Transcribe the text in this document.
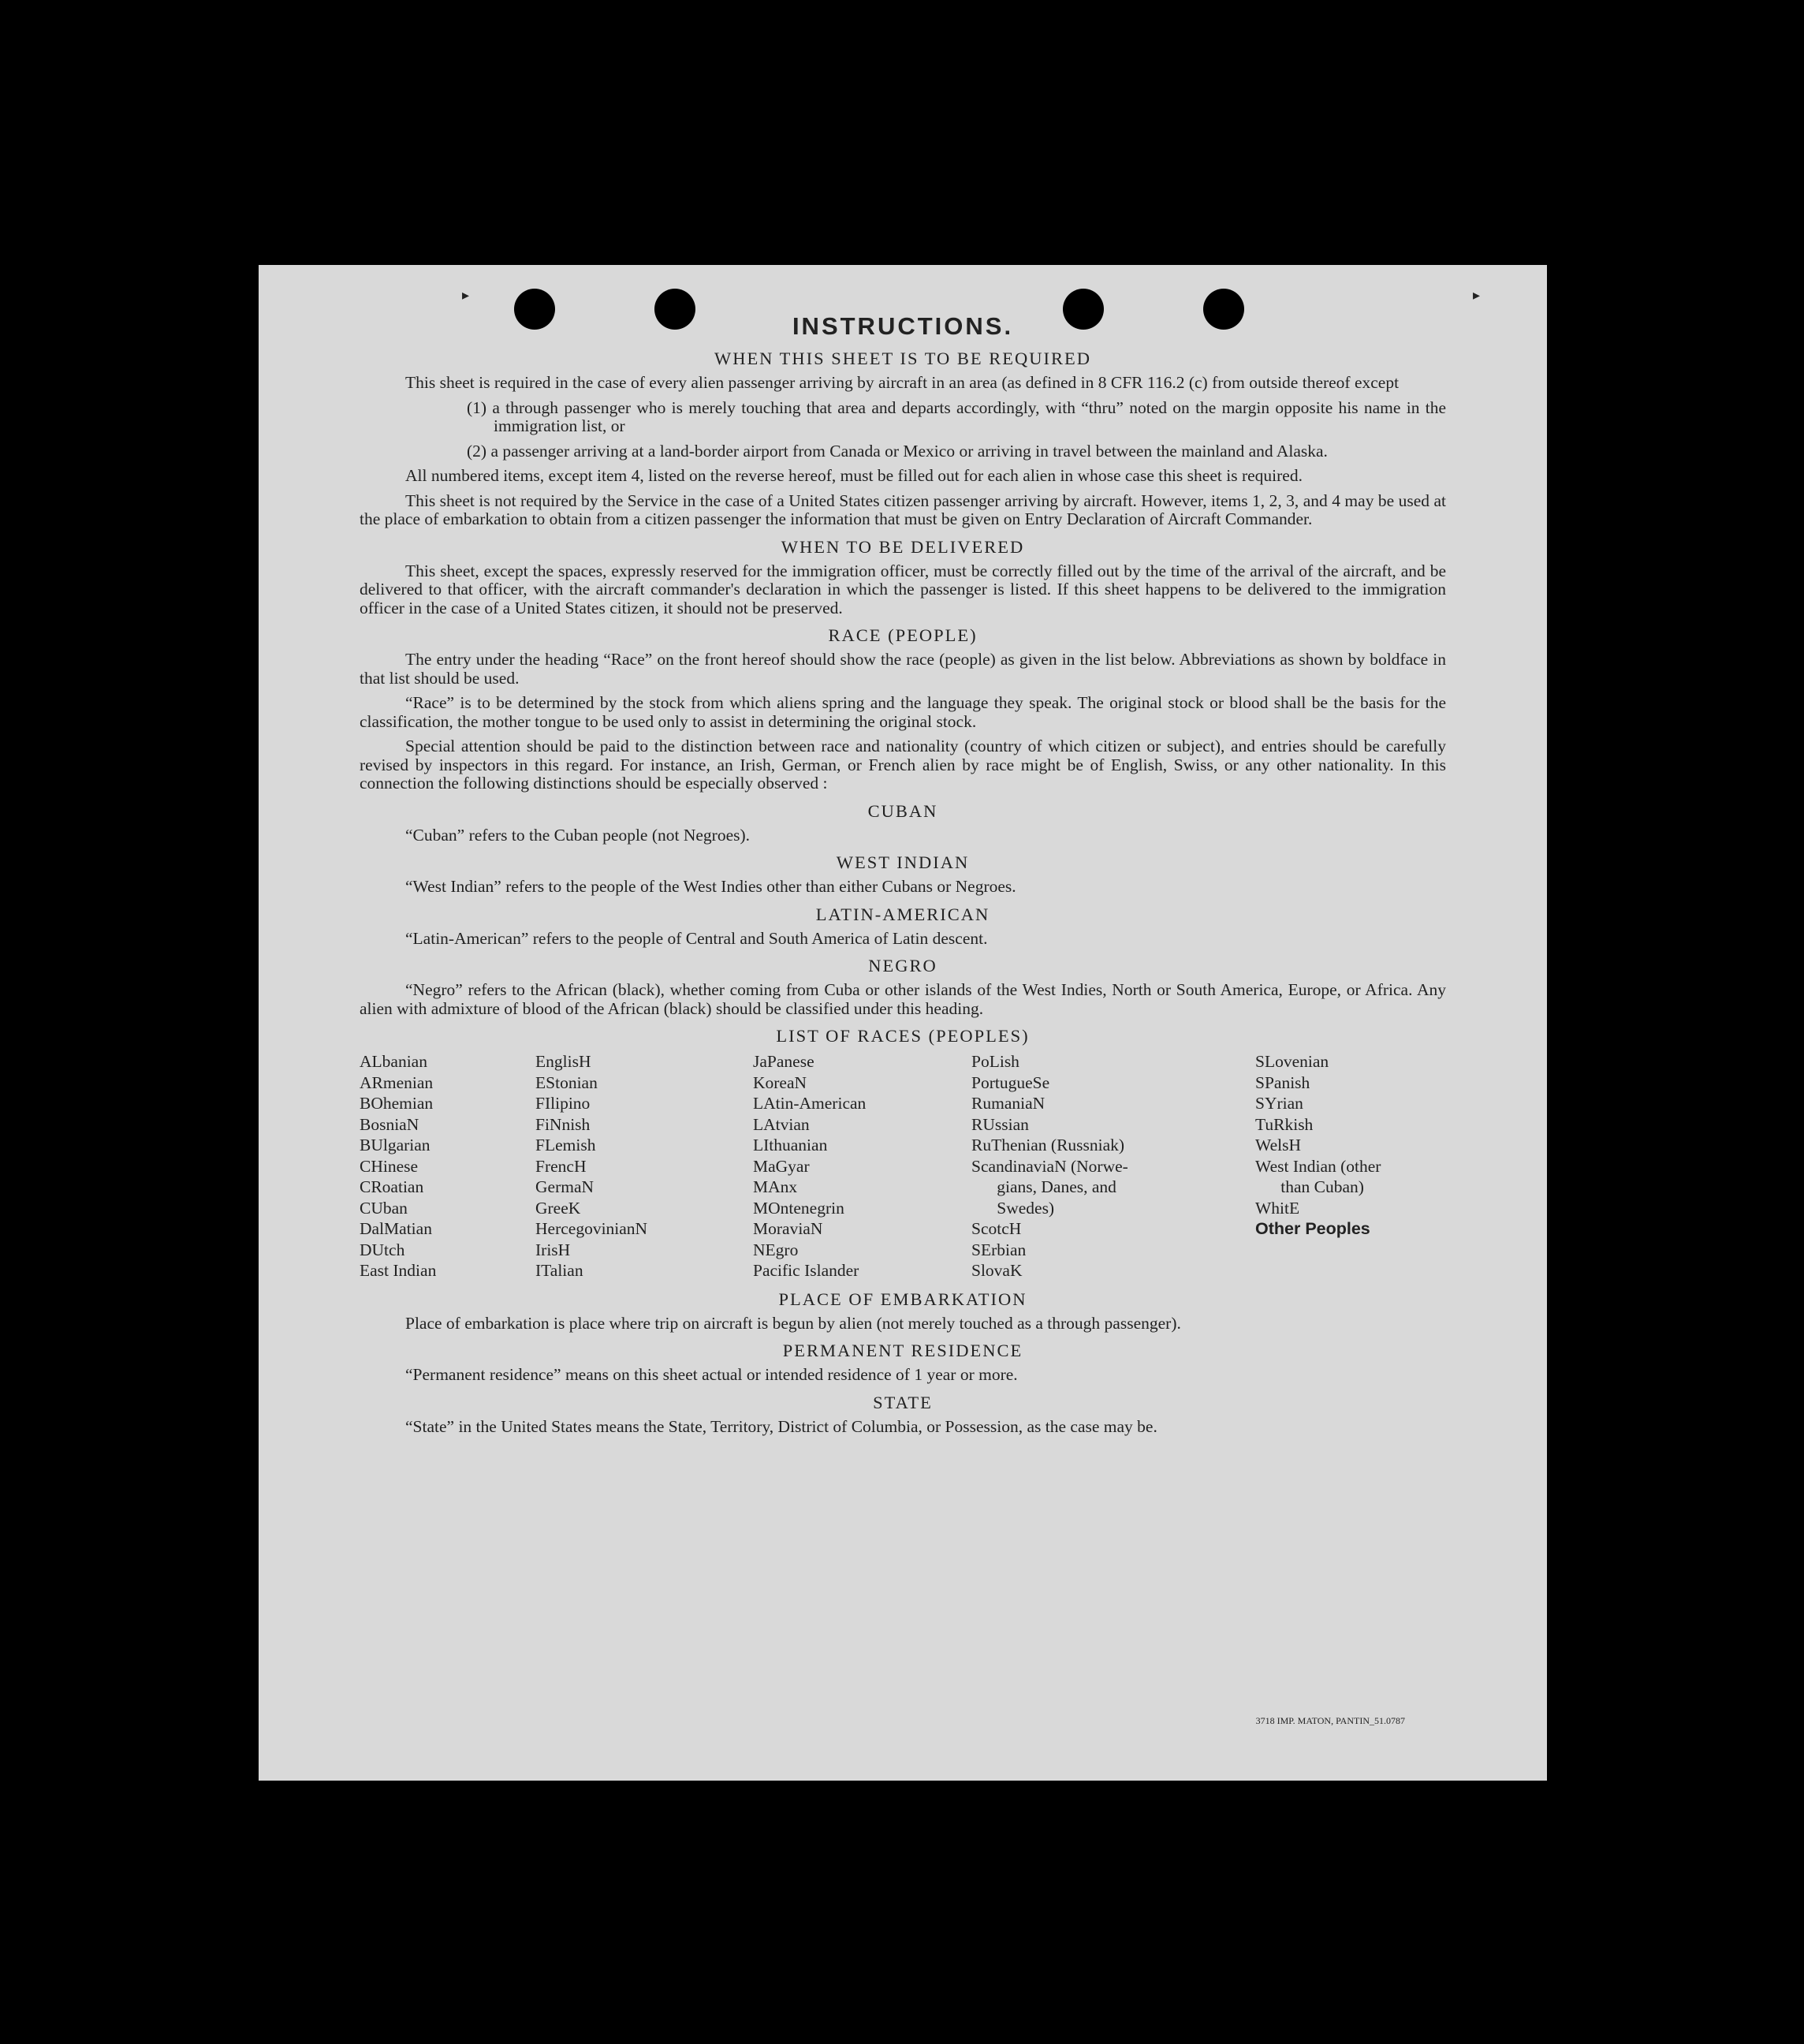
▸	▸
INSTRUCTIONS.
WHEN THIS SHEET IS TO BE REQUIRED

This sheet is required in the case of every alien passenger arriving by aircraft in an area (as defined in 8 CFR 116.2 (c) from outside thereof except

(1) a through passenger who is merely touching that area and departs accordingly, with “thru” noted on the margin opposite his name in the immigration list, or

(2) a passenger arriving at a land-border airport from Canada or Mexico or arriving in travel between the mainland and Alaska.

All numbered items, except item 4, listed on the reverse hereof, must be filled out for each alien in whose case this sheet is required.

This sheet is not required by the Service in the case of a United States citizen passenger arriving by aircraft. However, items 1, 2, 3, and 4 may be used at the place of embarkation to obtain from a citizen passenger the information that must be given on Entry Declaration of Aircraft Commander.

WHEN TO BE DELIVERED

This sheet, except the spaces, expressly reserved for the immigration officer, must be correctly filled out by the time of the arrival of the aircraft, and be delivered to that officer, with the aircraft commander's declaration in which the passenger is listed. If this sheet happens to be delivered to the immigration officer in the case of a United States citizen, it should not be preserved.

RACE (PEOPLE)

The entry under the heading “Race” on the front hereof should show the race (people) as given in the list below. Abbreviations as shown by boldface in that list should be used.

“Race” is to be determined by the stock from which aliens spring and the language they speak. The original stock or blood shall be the basis for the classification, the mother tongue to be used only to assist in determining the original stock.

Special attention should be paid to the distinction between race and nationality (country of which citizen or subject), and entries should be carefully revised by inspectors in this regard. For instance, an Irish, German, or French alien by race might be of English, Swiss, or any other nationality. In this connection the following distinctions should be especially observed :

CUBAN

“Cuban” refers to the Cuban people (not Negroes).

WEST INDIAN

“West Indian” refers to the people of the West Indies other than either Cubans or Negroes.

LATIN-AMERICAN

“Latin-American” refers to the people of Central and South America of Latin descent.

NEGRO

“Negro” refers to the African (black), whether coming from Cuba or other islands of the West Indies, North or South America, Europe, or Africa. Any alien with admixture of blood of the African (black) should be classified under this heading.

LIST OF RACES (PEOPLES)
ALbanian
ARmenian
BOhemian
BosniaN
BUlgarian
CHinese
CRoatian
CUban
DalMatian
DUtch
East Indian
EnglisH
EStonian
FIlipino
FiNnish
FLemish
FrencH
GermaN
GreeK
HercegovinianN
IrisH
ITalian
JaPanese
KoreaN
LAtin-American
LAtvian
LIthuanian
MaGyar
MAnx
MOntenegrin
MoraviaN
NEgro
Pacific Islander
PoLish
PortugueSe
RumaniaN
RUssian
RuThenian (Russniak)
ScandinaviaN (Norwe-
gians, Danes, and
Swedes)
ScotcH
SErbian
SlovaK
SLovenian
SPanish
SYrian
TuRkish
WelsH
West Indian (other
than Cuban)
WhitE
Other Peoples
PLACE OF EMBARKATION

Place of embarkation is place where trip on aircraft is begun by alien (not merely touched as a through passenger).

PERMANENT RESIDENCE

“Permanent residence” means on this sheet actual or intended residence of 1 year or more.

STATE

“State” in the United States means the State, Territory, District of Columbia, or Possession, as the case may be.

3718 IMP. MATON, PANTIN_51.0787
